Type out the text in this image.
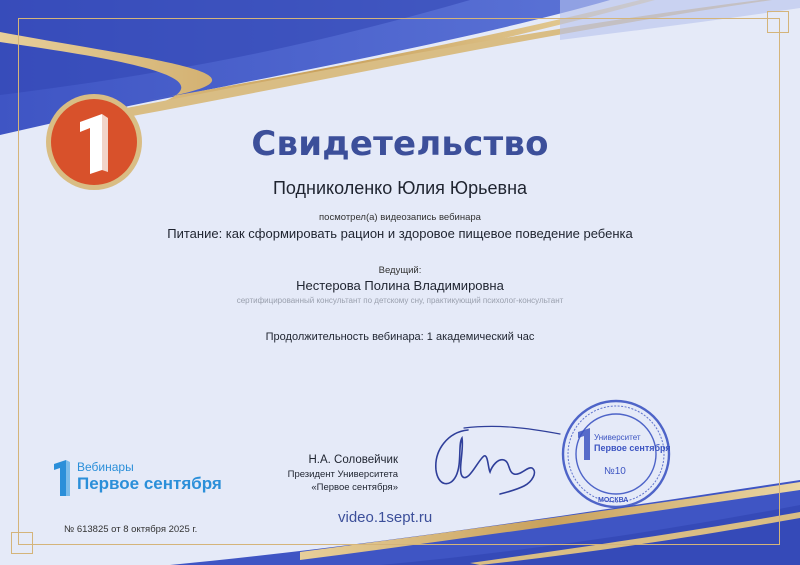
Свидетельство
Подниколенко Юлия Юрьевна
посмотрел(а) видеозапись вебинара
Питание: как сформировать рацион и здоровое пищевое поведение ребенка
Ведущий:
Нестерова Полина Владимировна
сертифицированный консультант по детскому сну, практикующий психолог-консультант
Продолжительность вебинара: 1 академический час
Вебинары
Первое сентября
Н.А. Соловейчик
Президент Университета
«Первое сентября»
Университет
Первое сентября
№10
МОСКВА
video.1sept.ru
№ 613825 от 8 октября 2025 г.
